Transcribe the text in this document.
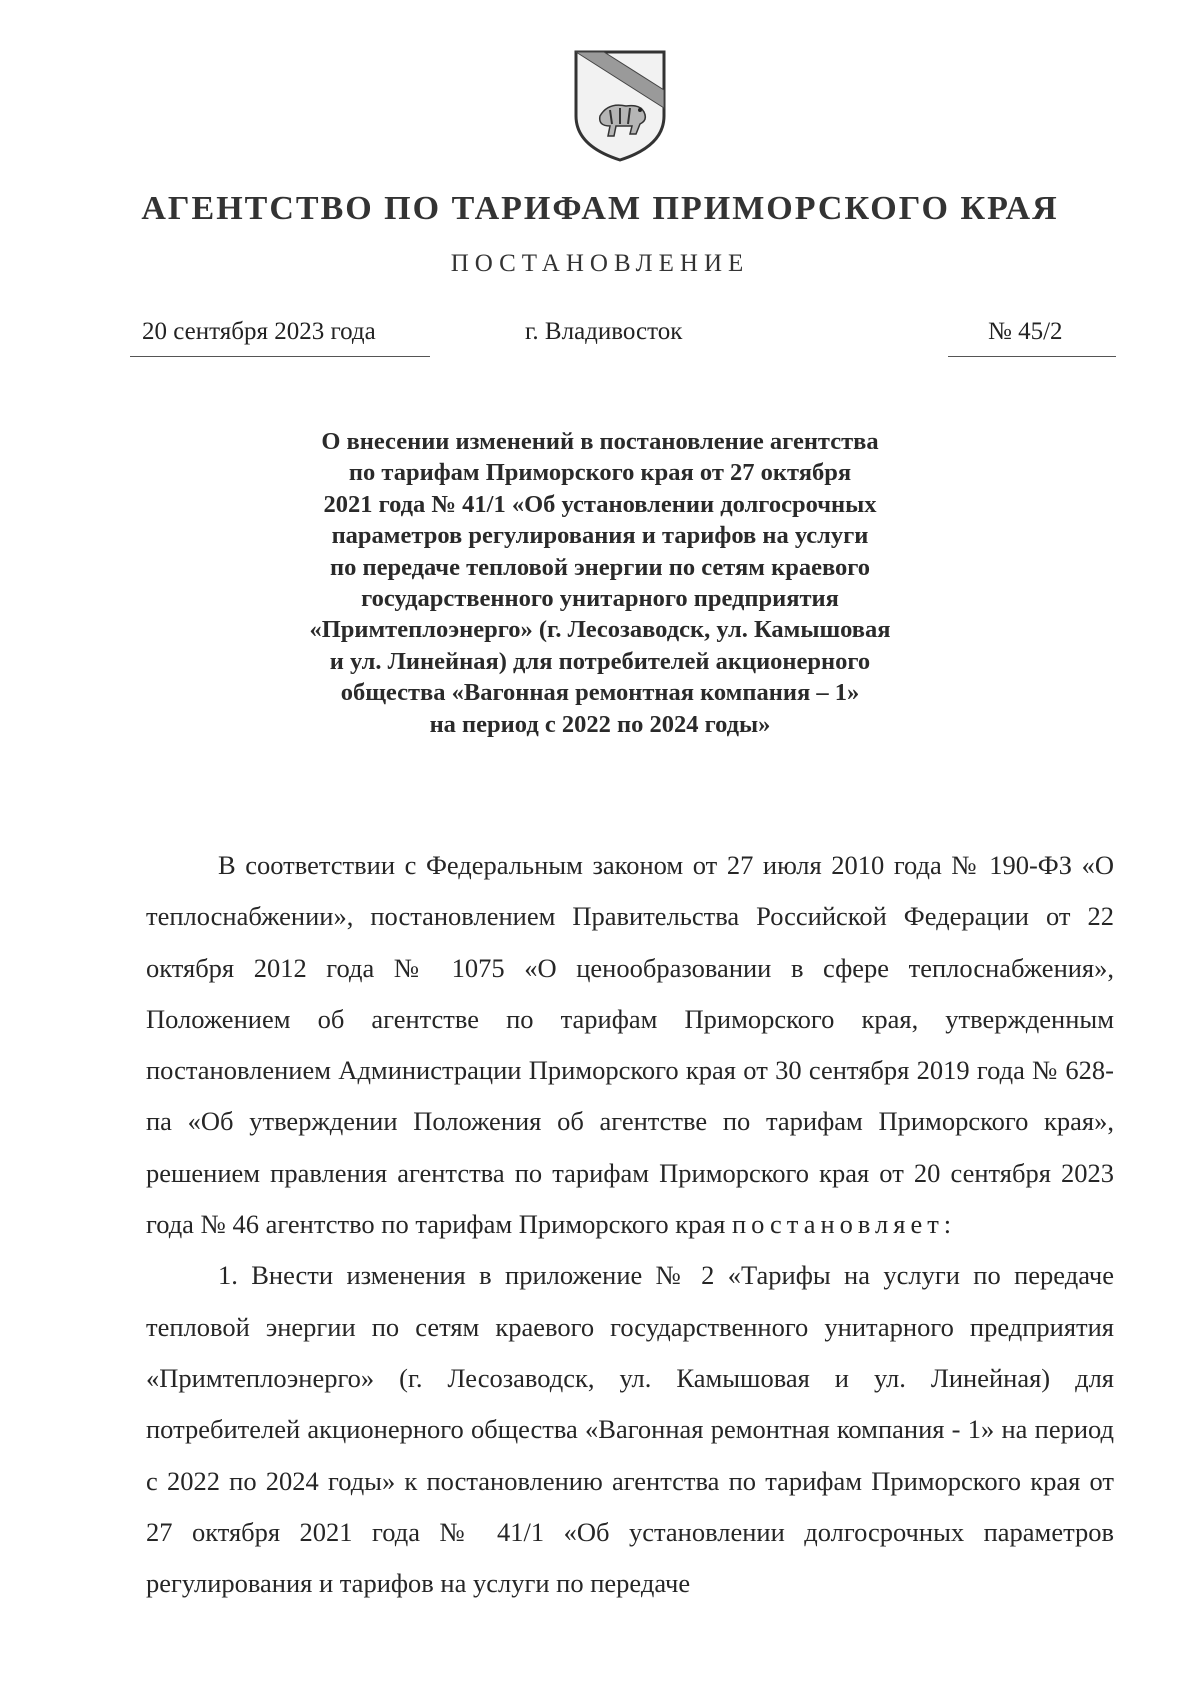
АГЕНТСТВО ПО ТАРИФАМ ПРИМОРСКОГО КРАЯ
ПОСТАНОВЛЕНИЕ
20 сентября 2023 года	г. Владивосток	№ 45/2
О внесении изменений в постановление агентства
по тарифам Приморского края от 27 октября
2021 года № 41/1 «Об установлении долгосрочных
параметров регулирования и тарифов на услуги
по передаче тепловой энергии по сетям краевого
государственного унитарного предприятия
«Примтеплоэнерго» (г. Лесозаводск, ул. Камышовая
и ул. Линейная) для потребителей акционерного
общества «Вагонная ремонтная компания – 1»
на период с 2022 по 2024 годы»

В соответствии с Федеральным законом от 27 июля 2010 года № 190-ФЗ «О теплоснабжении», постановлением Правительства Российской Федерации от 22 октября 2012 года № 1075 «О ценообразовании в сфере теплоснабжения», Положением об агентстве по тарифам Приморского края, утвержденным постановлением Администрации Приморского края от 30 сентября 2019 года № 628-па «Об утверждении Положения об агентстве по тарифам Приморского края», решением правления агентства по тарифам Приморского края от 20 сентября 2023 года № 46 агентство по тарифам Приморского края постановляет:

1. Внести изменения в приложение № 2 «Тарифы на услуги по передаче тепловой энергии по сетям краевого государственного унитарного предприятия «Примтеплоэнерго» (г. Лесозаводск, ул. Камышовая и ул. Линейная) для потребителей акционерного общества «Вагонная ремонтная компания - 1» на период с 2022 по 2024 годы» к постановлению агентства по тарифам Приморского края от 27 октября 2021 года № 41/1 «Об установлении долгосрочных параметров регулирования и тарифов на услуги по передаче
